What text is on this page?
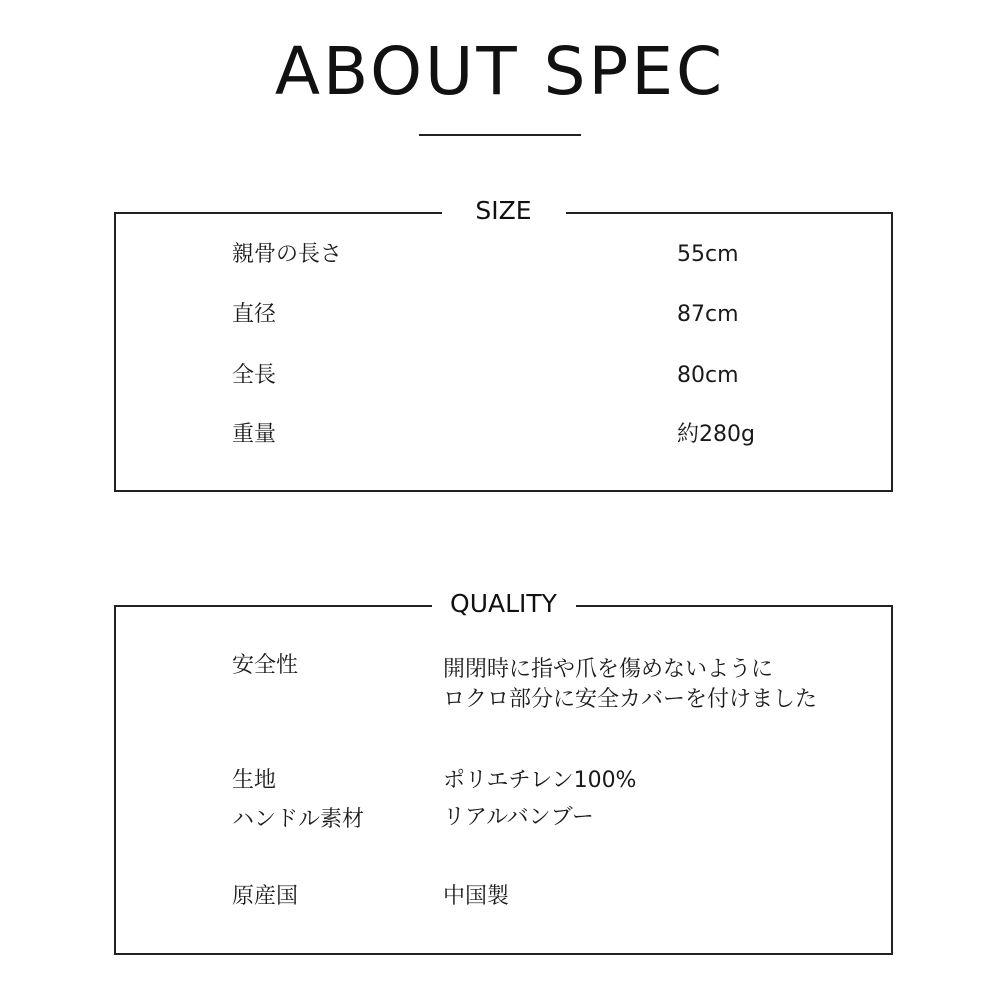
ABOUT SPEC
SIZE
親骨の長さ	55cm
直径	87cm
全長	80cm
重量	約280g
QUALITY
安全性	開閉時に指や爪を傷めないように
ロクロ部分に安全カバーを付けました
生地	ポリエチレン100%
ハンドル素材	リアルバンブー
原産国	中国製
